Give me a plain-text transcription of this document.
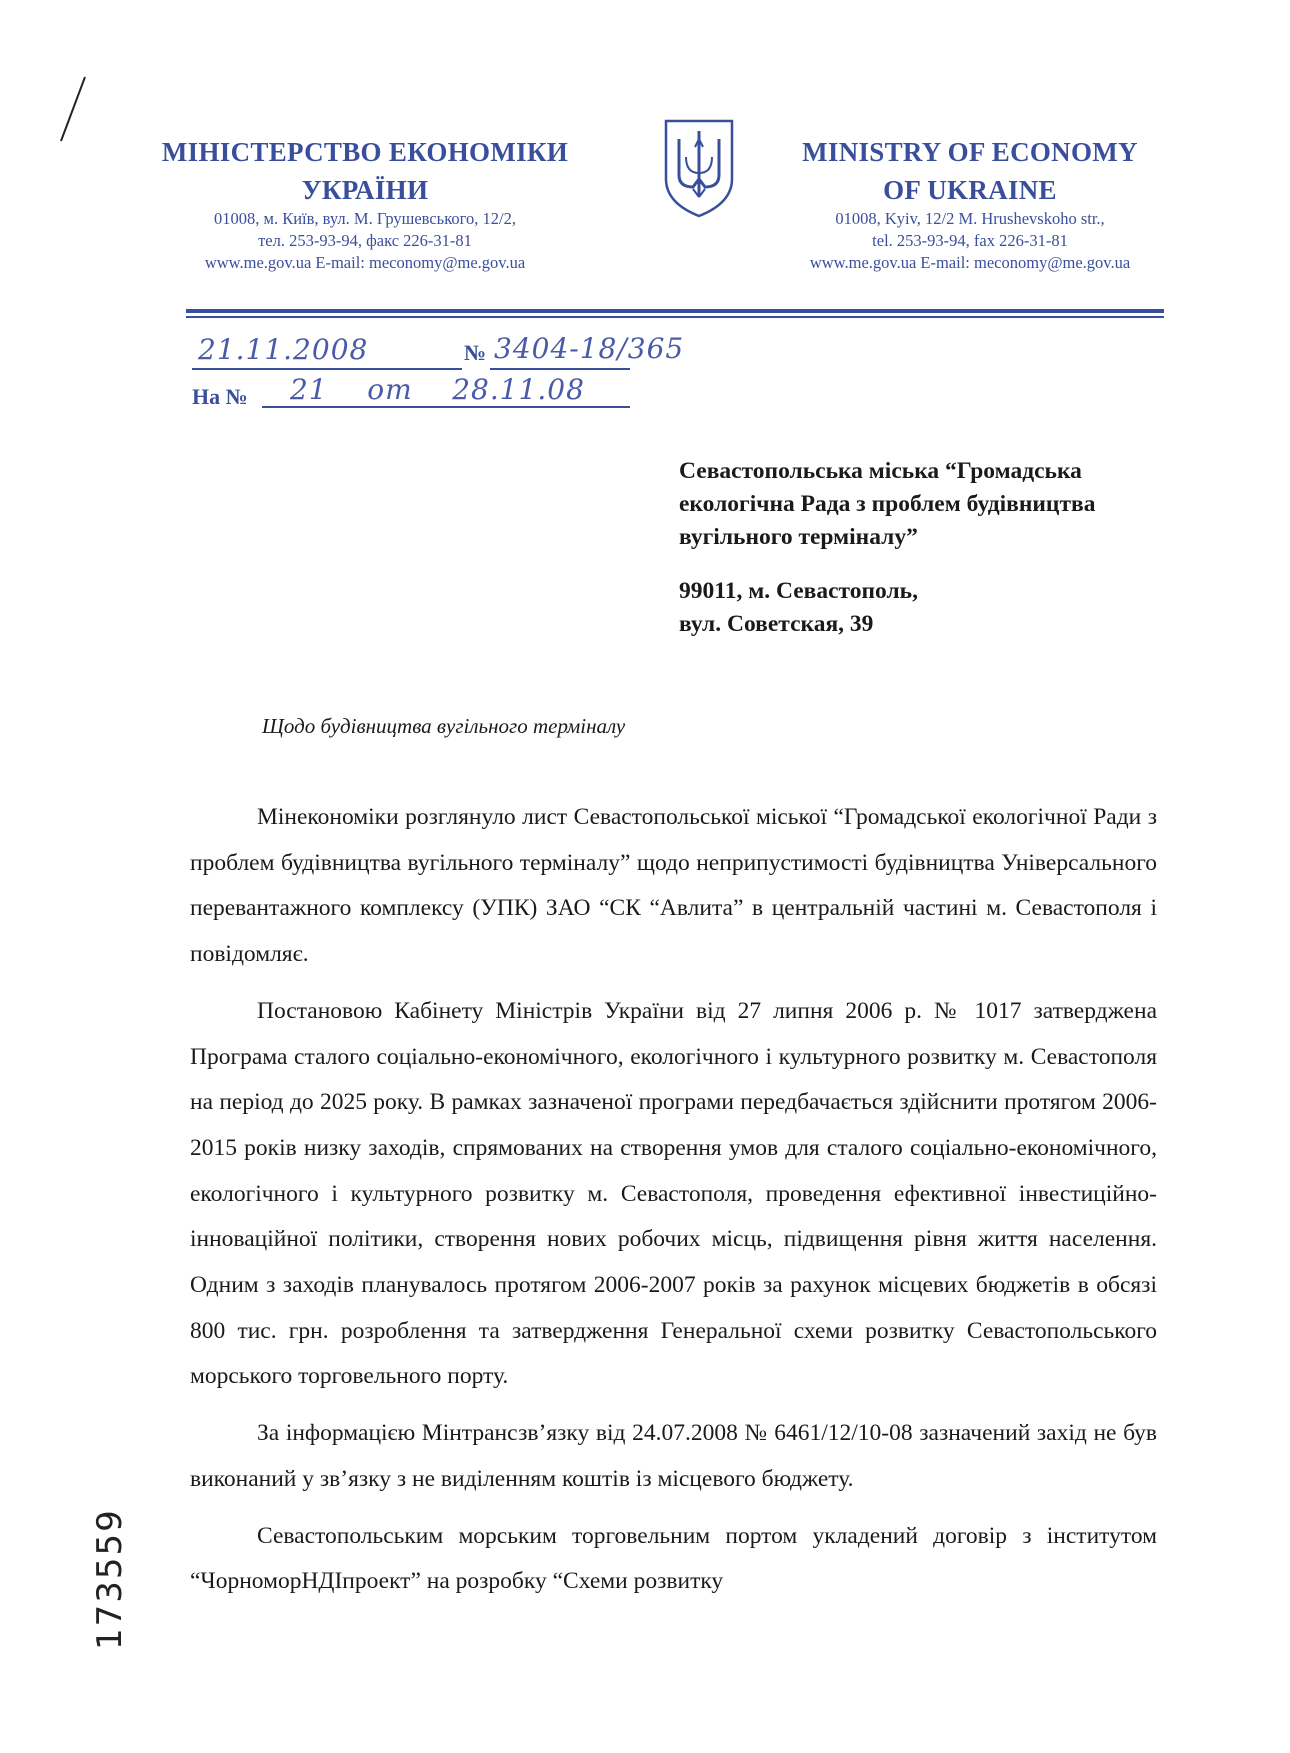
МІНІСТЕРСТВО ЕКОНОМІКИ
УКРАЇНИ
01008, м. Київ, вул. М. Грушевського, 12/2,
тел. 253-93-94, факс 226-31-81
www.me.gov.ua E-mail: meconomy@me.gov.ua
MINISTRY OF ECONOMY
OF UKRAINE
01008, Kyiv, 12/2 M. Hrushevskoho str.,
tel. 253-93-94, fax 226-31-81
www.me.gov.ua E-mail: meconomy@me.gov.ua
21.11.2008	№ 3404-18/365
На № 21    от    28.11.08
Севастопольська міська “Громадська
екологічна Рада з проблем будівництва
вугільного терміналу”
99011, м. Севастополь,
вул. Советская, 39
Щодо будівництва вугільного терміналу

Мінекономіки розглянуло лист Севастопольської міської “Громадської екологічної Ради з проблем будівництва вугільного терміналу” щодо неприпустимості будівництва Універсального перевантажного комплексу (УПК) ЗАО “СК “Авлита” в центральній частині м. Севастополя і повідомляє.

Постановою Кабінету Міністрів України від 27 липня 2006 р. № 1017 затверджена Програма сталого соціально-економічного, екологічного і культурного розвитку м. Севастополя на період до 2025 року. В рамках зазначеної програми передбачається здійснити протягом 2006-2015 років низку заходів, спрямованих на створення умов для сталого соціально-економічного, екологічного і культурного розвитку м. Севастополя, проведення ефективної інвестиційно-інноваційної політики, створення нових робочих місць, підвищення рівня життя населення. Одним з заходів планувалось протягом 2006-2007 років за рахунок місцевих бюджетів в обсязі 800 тис. грн. розроблення та затвердження Генеральної схеми розвитку Севастопольського морського торговельного порту.

За інформацією Мінтрансзв’язку від 24.07.2008 № 6461/12/10-08 зазначений захід не був виконаний у зв’язку з не виділенням коштів із місцевого бюджету.

Севастопольським морським торговельним портом укладений договір з інститутом “ЧорноморНДІпроект” на розробку “Схеми розвитку

173559
